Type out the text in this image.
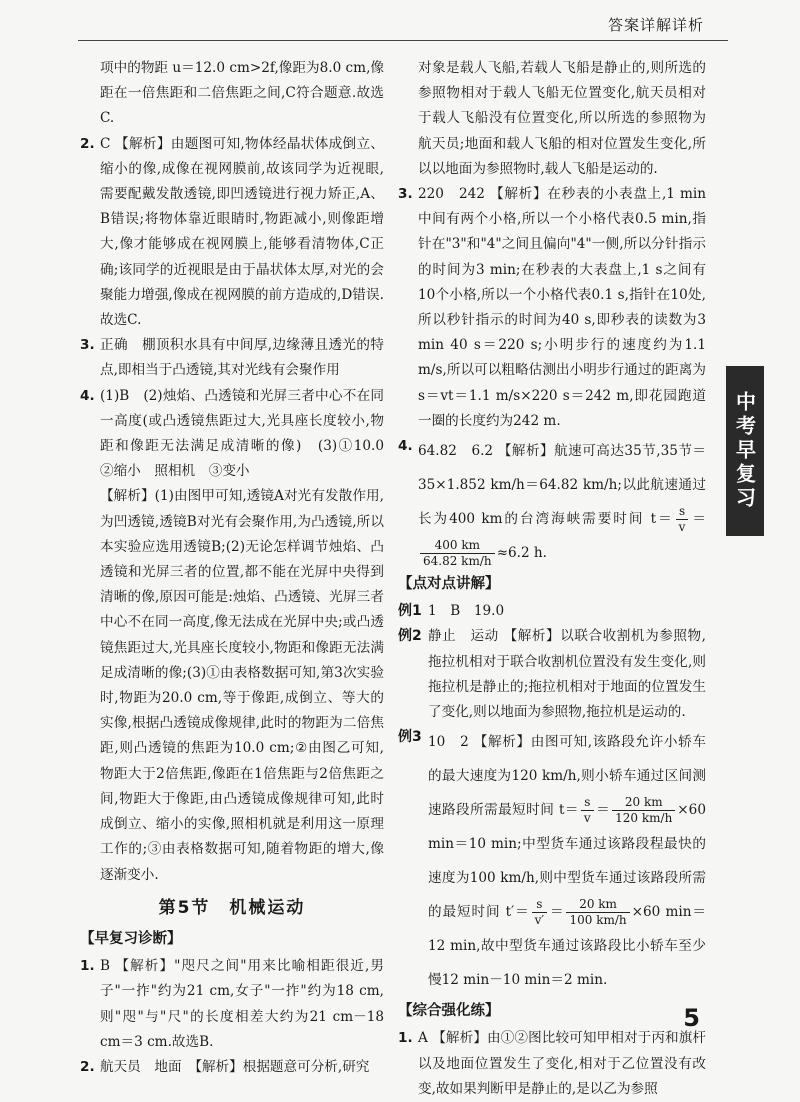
答案详解详析
中考早复习

项中的物距 u＝12.0 cm>2f,像距为8.0 cm,像距在一倍焦距和二倍焦距之间,C符合题意.故选C.

2. C 【解析】由题图可知,物体经晶状体成倒立、缩小的像,成像在视网膜前,故该同学为近视眼,需要配戴发散透镜,即凹透镜进行视力矫正,A、B错误;将物体靠近眼睛时,物距减小,则像距增大,像才能够成在视网膜上,能够看清物体,C正确;该同学的近视眼是由于晶状体太厚,对光的会聚能力增强,像成在视网膜的前方造成的,D错误.故选C.

3. 正确　棚顶积水具有中间厚,边缘薄且透光的特点,即相当于凸透镜,其对光线有会聚作用

4. (1)B　(2)烛焰、凸透镜和光屏三者中心不在同一高度(或凸透镜焦距过大,光具座长度较小,物距和像距无法满足成清晰的像)　(3)①10.0　②缩小　照相机　③变小

【解析】(1)由图甲可知,透镜A对光有发散作用,为凹透镜,透镜B对光有会聚作用,为凸透镜,所以本实验应选用透镜B;(2)无论怎样调节烛焰、凸透镜和光屏三者的位置,都不能在光屏中央得到清晰的像,原因可能是:烛焰、凸透镜、光屏三者中心不在同一高度,像无法成在光屏中央;或凸透镜焦距过大,光具座长度较小,物距和像距无法满足成清晰的像;(3)①由表格数据可知,第3次实验时,物距为20.0 cm,等于像距,成倒立、等大的实像,根据凸透镜成像规律,此时的物距为二倍焦距,则凸透镜的焦距为10.0 cm;②由图乙可知,物距大于2倍焦距,像距在1倍焦距与2倍焦距之间,物距大于像距,由凸透镜成像规律可知,此时成倒立、缩小的实像,照相机就是利用这一原理工作的;③由表格数据可知,随着物距的增大,像逐渐变小.

第5节　机械运动
【早复习诊断】
1. B 【解析】"咫尺之间"用来比喻相距很近,男子"一拃"约为21 cm,女子"一拃"约为18 cm,则"咫"与"尺"的长度相差大约为21 cm－18 cm＝3 cm.故选B.

2. 航天员　地面　【解析】根据题意可分析,研究

对象是载人飞船,若载人飞船是静止的,则所选的参照物相对于载人飞船无位置变化,航天员相对于载人飞船没有位置变化,所以所选的参照物为航天员;地面和载人飞船的相对位置发生变化,所以以地面为参照物时,载人飞船是运动的.

3. 220　242 【解析】在秒表的小表盘上,1 min中间有两个小格,所以一个小格代表0.5 min,指针在"3"和"4"之间且偏向"4"一侧,所以分针指示的时间为3 min;在秒表的大表盘上,1 s之间有10个小格,所以一个小格代表0.1 s,指针在10处,所以秒针指示的时间为40 s,即秒表的读数为3 min 40 s＝220 s;小明步行的速度约为1.1 m/s,所以可以粗略估测出小明步行通过的距离为s＝vt＝1.1 m/s×220 s＝242 m,即花园跑道一圈的长度约为242 m.

4. 64.82　6.2 【解析】航速可高达35节,35节＝35×1.852 km/h＝64.82 km/h;以此航速通过长为400 km的台湾海峡需要时间 $t= \frac{s}{v}$ ＝
$\frac{400 km}{64.82 km/h} \approx 6.2$ h.

【点对点讲解】
例1 1　B　19.0

例2 静止　运动 【解析】以联合收割机为参照物,拖拉机相对于联合收割机位置没有发生变化,则拖拉机是静止的;拖拉机相对于地面的位置发生了变化,则以地面为参照物,拖拉机是运动的.

例3 10　2 【解析】由图可知,该路段允许小轿车的最大速度为120 km/h,则小轿车通过区间测速路段所需最短时间 $t= \frac{s}{v} = \frac{20 km}{120 km/h} \times 60$ min＝10 min;中型货车通过该路段程最快的速度为100 km/h,则中型货车通过该路段所需的最短时间 $t'= \frac{s}{v'} = \frac{20 km}{100 km/h} \times 60$ min＝12 min,故中型货车通过该路段比小轿车至少慢12 min－10 min＝2 min.

【综合强化练】
1. A 【解析】由①②图比较可知甲相对于丙和旗杆以及地面位置发生了变化,相对于乙位置没有改变,故如果判断甲是静止的,是以乙为参照

5
